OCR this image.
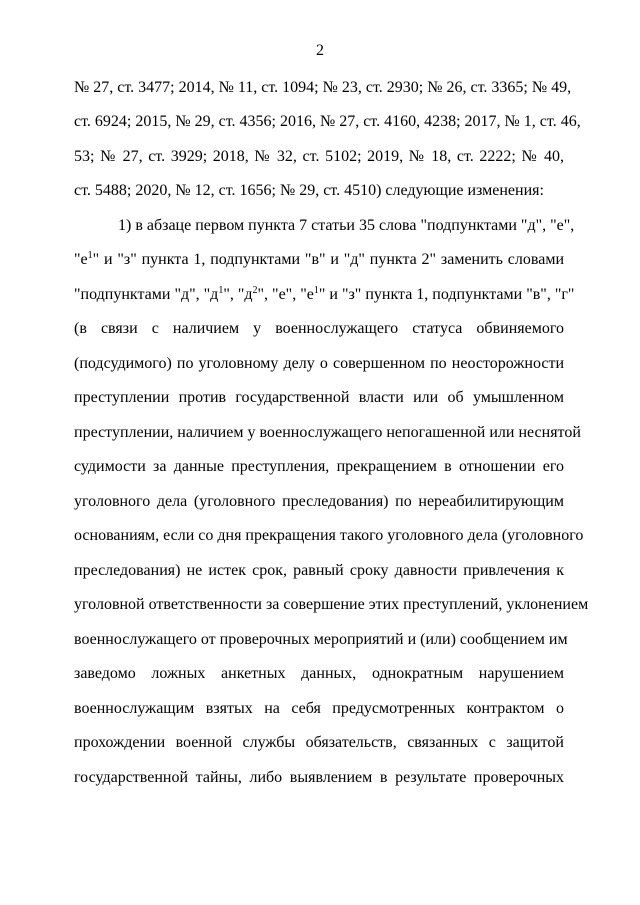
2
№ 27, ст. 3477; 2014, № 11, ст. 1094; № 23, ст. 2930; № 26, ст. 3365; № 49,
ст. 6924; 2015, № 29, ст. 4356; 2016, № 27, ст. 4160, 4238; 2017, № 1, ст. 46,
53; № 27, ст. 3929; 2018, № 32, ст. 5102; 2019, № 18, ст. 2222; № 40,
ст. 5488; 2020, № 12, ст. 1656; № 29, ст. 4510) следующие изменения:
1) в абзаце первом пункта 7 статьи 35 слова "подпунктами "д", "е",
"$е^1$" и "з" пункта 1, подпунктами "в" и "д" пункта 2" заменить словами
"подпунктами "д", "$д^1$", "$д^2$", "е", "$е^1$" и "з" пункта 1, подпунктами "в", "г"
(в связи с наличием у военнослужащего статуса обвиняемого
(подсудимого) по уголовному делу о совершенном по неосторожности
преступлении против государственной власти или об умышленном
преступлении, наличием у военнослужащего непогашенной или неснятой
судимости за данные преступления, прекращением в отношении его
уголовного дела (уголовного преследования) по нереабилитирующим
основаниям, если со дня прекращения такого уголовного дела (уголовного
преследования) не истек срок, равный сроку давности привлечения к
уголовной ответственности за совершение этих преступлений, уклонением
военнослужащего от проверочных мероприятий и (или) сообщением им
заведомо ложных анкетных данных, однократным нарушением
военнослужащим взятых на себя предусмотренных контрактом о
прохождении военной службы обязательств, связанных с защитой
государственной тайны, либо выявлением в результате проверочных
